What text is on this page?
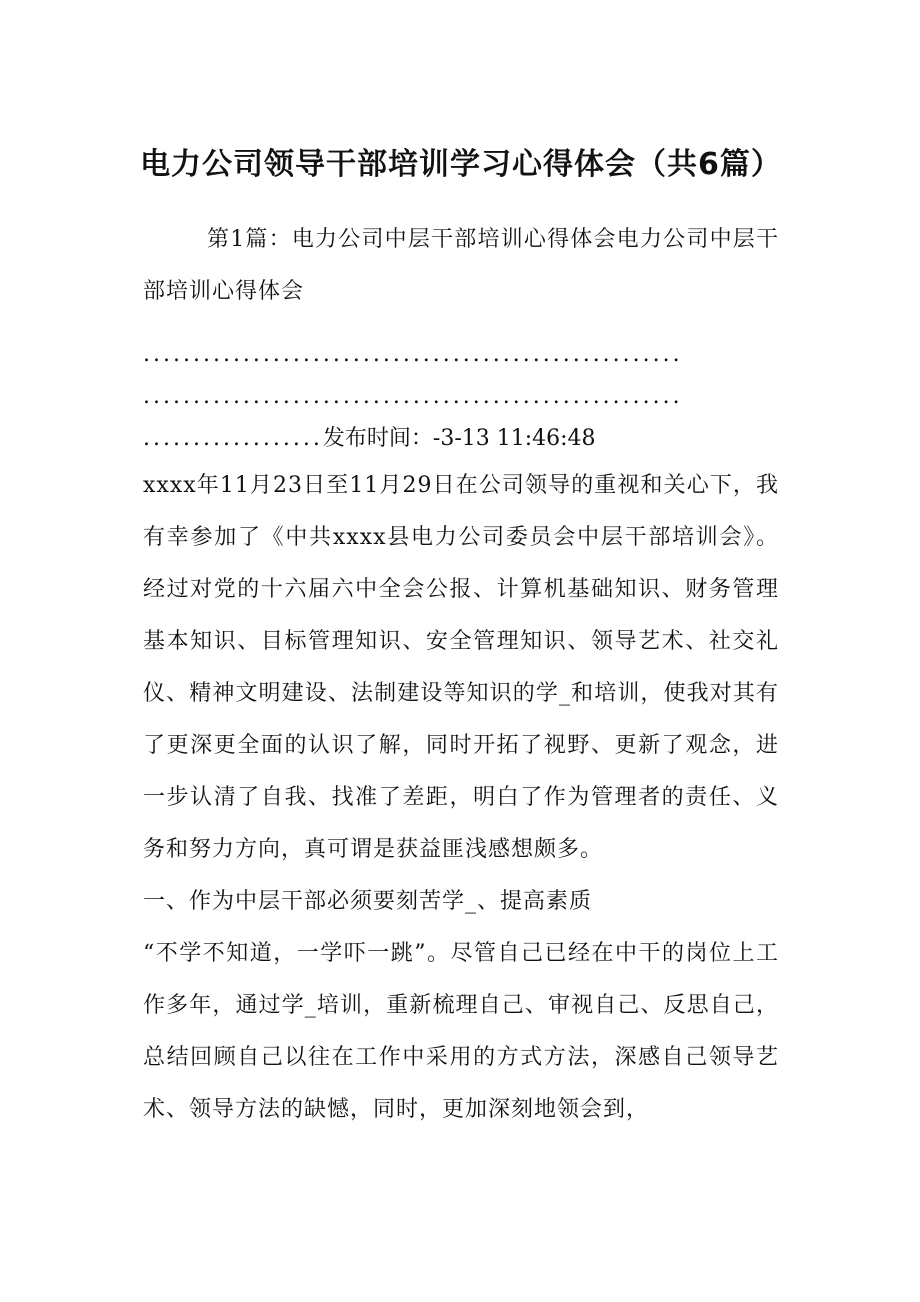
电力公司领导干部培训学习心得体会（共6篇）

第1篇：电力公司中层干部培训心得体会电力公司中层干部培训心得体会

......................................................

......................................................

..................发布时间：-3-13 11:46:48

xxxx年11月23日至11月29日在公司领导的重视和关心下，我有幸参加了《中共xxxx县电力公司委员会中层干部培训会》。经过对党的十六届六中全会公报、计算机基础知识、财务管理基本知识、目标管理知识、安全管理知识、领导艺术、社交礼仪、精神文明建设、法制建设等知识的学_和培训，使我对其有了更深更全面的认识了解，同时开拓了视野、更新了观念，进一步认清了自我、找准了差距，明白了作为管理者的责任、义务和努力方向，真可谓是获益匪浅感想颇多。

一、作为中层干部必须要刻苦学_、提高素质

“不学不知道，一学吓一跳”。尽管自己已经在中干的岗位上工作多年，通过学_培训，重新梳理自己、审视自己、反思自己，总结回顾自己以往在工作中采用的方式方法，深感自己领导艺术、领导方法的缺憾，同时，更加深刻地领会到，
